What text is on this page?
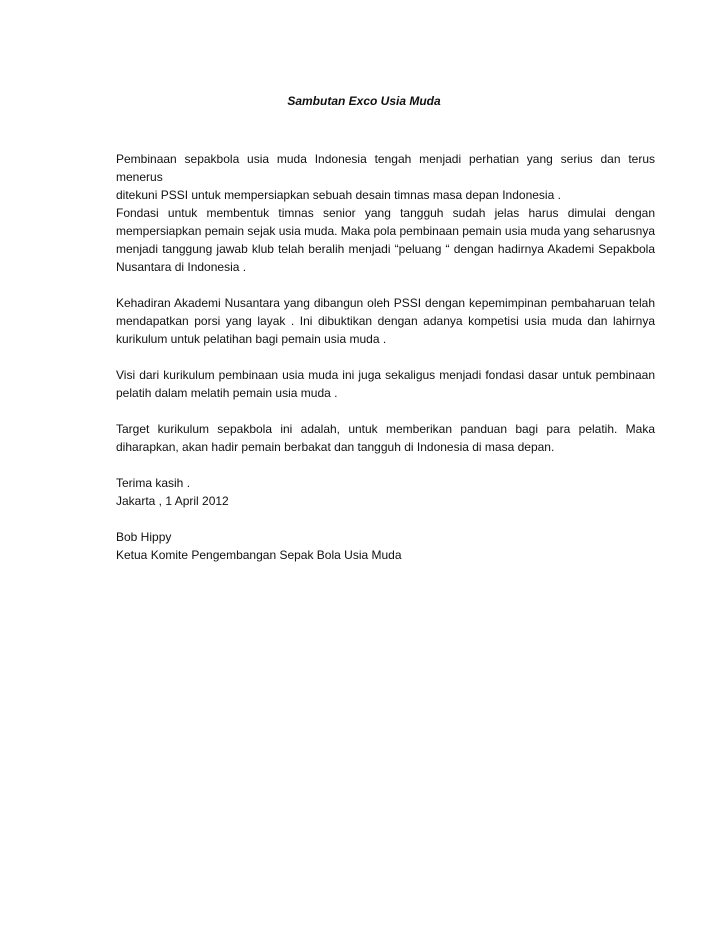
Sambutan Exco Usia Muda
Pembinaan sepakbola usia muda Indonesia tengah menjadi perhatian yang serius dan terus menerus
ditekuni PSSI untuk mempersiapkan sebuah desain timnas masa depan Indonesia .
Fondasi untuk membentuk timnas senior yang tangguh sudah jelas harus dimulai dengan
mempersiapkan pemain sejak usia muda. Maka pola pembinaan pemain usia muda yang seharusnya
menjadi tanggung jawab klub telah beralih menjadi “peluang “ dengan hadirnya Akademi Sepakbola
Nusantara di Indonesia .
Kehadiran Akademi Nusantara yang dibangun oleh PSSI dengan kepemimpinan pembaharuan telah
mendapatkan porsi yang layak . Ini dibuktikan dengan adanya kompetisi usia muda dan lahirnya
kurikulum untuk pelatihan bagi pemain usia muda .
Visi dari kurikulum pembinaan usia muda ini juga sekaligus menjadi fondasi dasar untuk pembinaan
pelatih dalam melatih pemain usia muda .
Target kurikulum sepakbola ini adalah, untuk memberikan panduan bagi para pelatih. Maka
diharapkan, akan hadir pemain berbakat dan tangguh di Indonesia di masa depan.
Terima kasih .
Jakarta , 1 April 2012
Bob Hippy
Ketua Komite Pengembangan Sepak Bola Usia Muda
